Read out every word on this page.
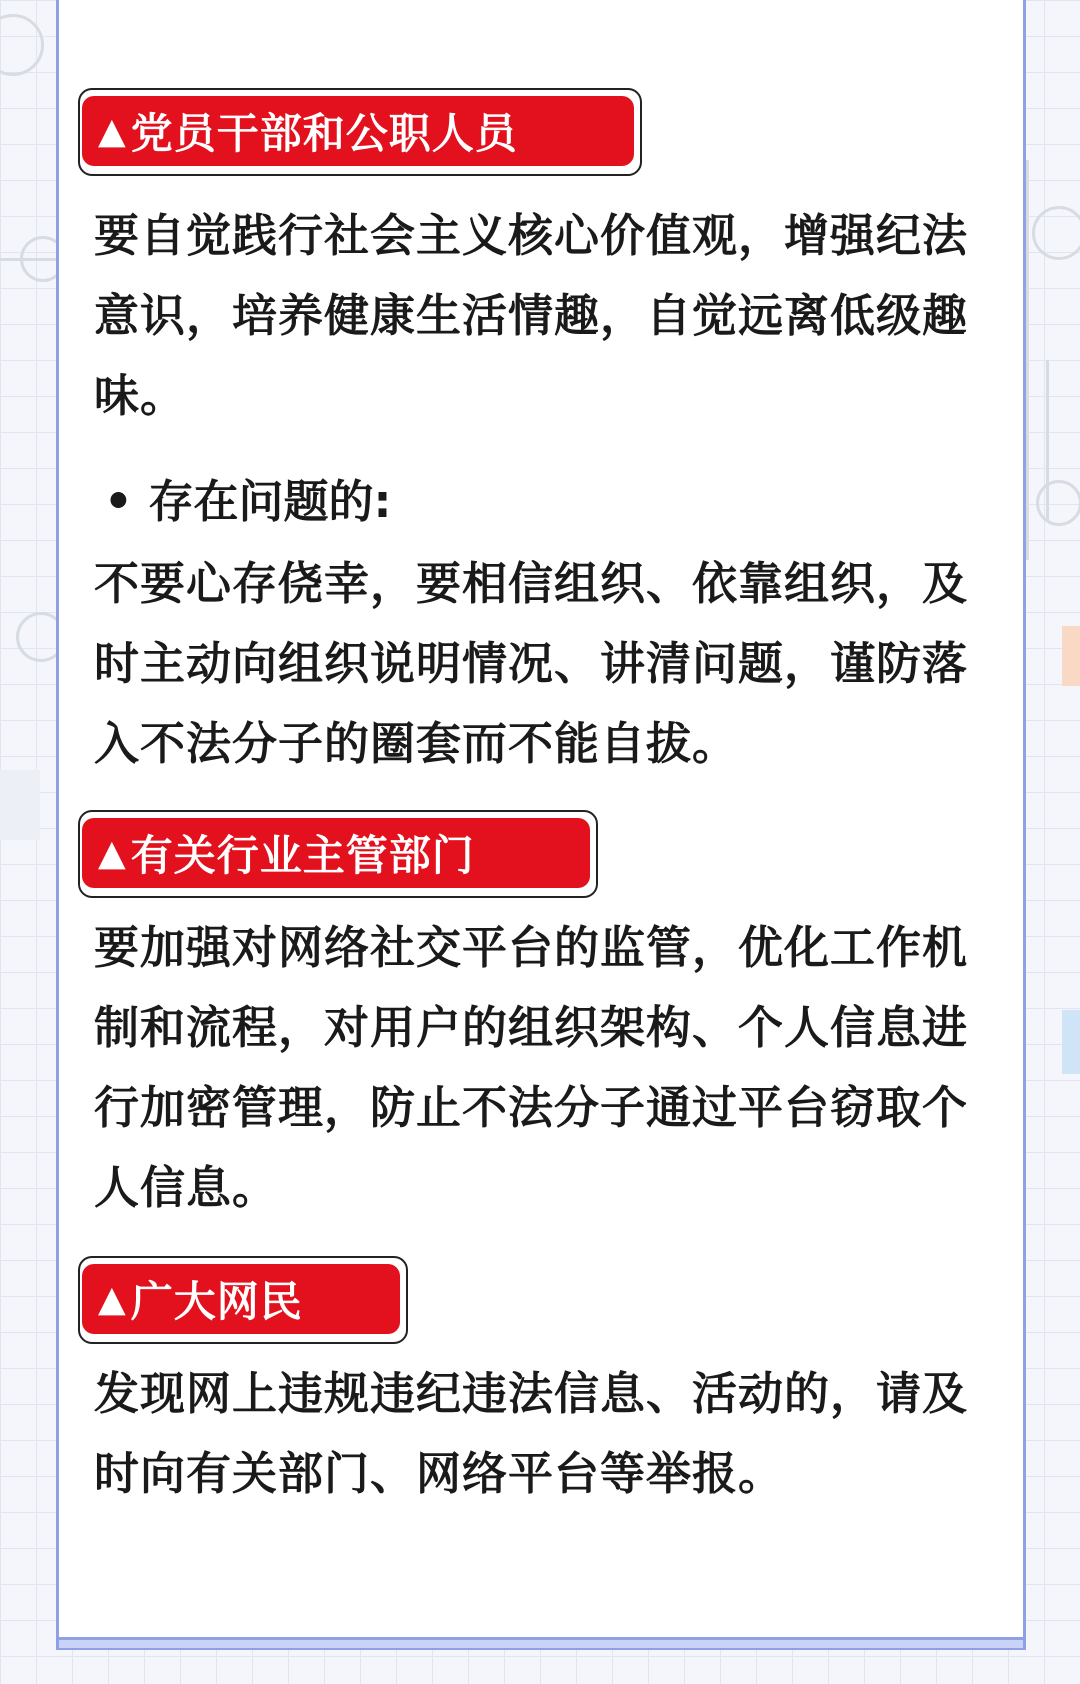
▲ 党员干部和公职人员
要自觉践行社会主义核心价值观，增强纪法意识，培养健康生活情趣，自觉远离低级趣味。
• 存在问题的:
不要心存侥幸，要相信组织、依靠组织，及时主动向组织说明情况、讲清问题，谨防落入不法分子的圈套而不能自拔。
▲ 有关行业主管部门
要加强对网络社交平台的监管，优化工作机制和流程，对用户的组织架构、个人信息进行加密管理，防止不法分子通过平台窃取个人信息。
▲ 广大网民
发现网上违规违纪违法信息、活动的，请及时向有关部门、网络平台等举报。
